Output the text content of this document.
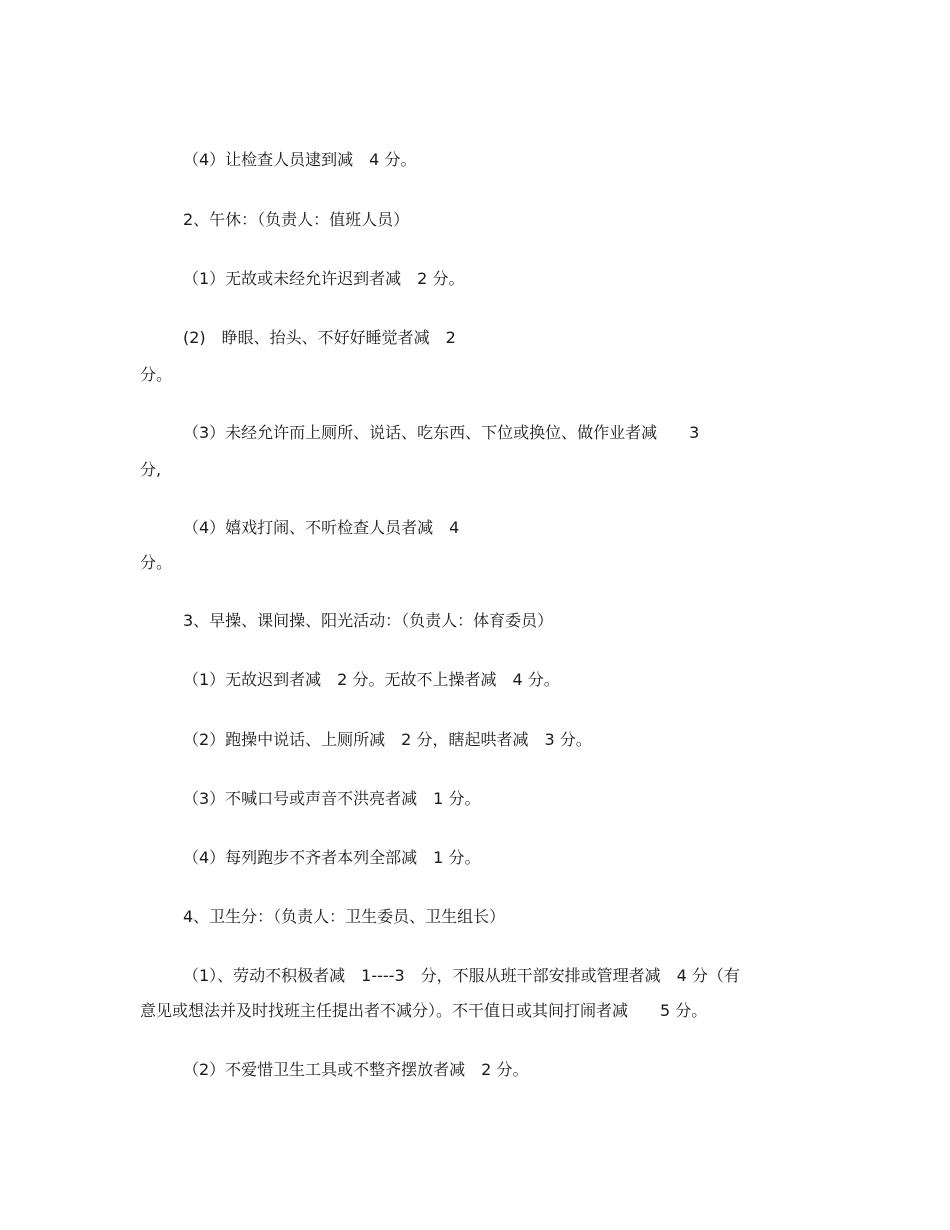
（4）让检查人员逮到减　4 分。
2、午休：（负责人：值班人员）
（1）无故或未经允许迟到者减　2 分。
(2)　睁眼、抬头、不好好睡觉者减　2
分。
（3）未经允许而上厕所、说话、吃东西、下位或换位、做作业者减　　3
分,
（4）嬉戏打闹、不听检查人员者减　4
分。
3、早操、课间操、阳光活动：（负责人：体育委员）
（1）无故迟到者减　2 分。无故不上操者减　4 分。
（2）跑操中说话、上厕所减　2 分，瞎起哄者减　3 分。
（3）不喊口号或声音不洪亮者减　1 分。
（4）每列跑步不齐者本列全部减　1 分。
4、卫生分：（负责人：卫生委员、卫生组长）
（1）、劳动不积极者减　1----3　分，不服从班干部安排或管理者减　4 分（有
意见或想法并及时找班主任提出者不减分）。不干值日或其间打闹者减　　5 分。
（2）不爱惜卫生工具或不整齐摆放者减　2 分。
